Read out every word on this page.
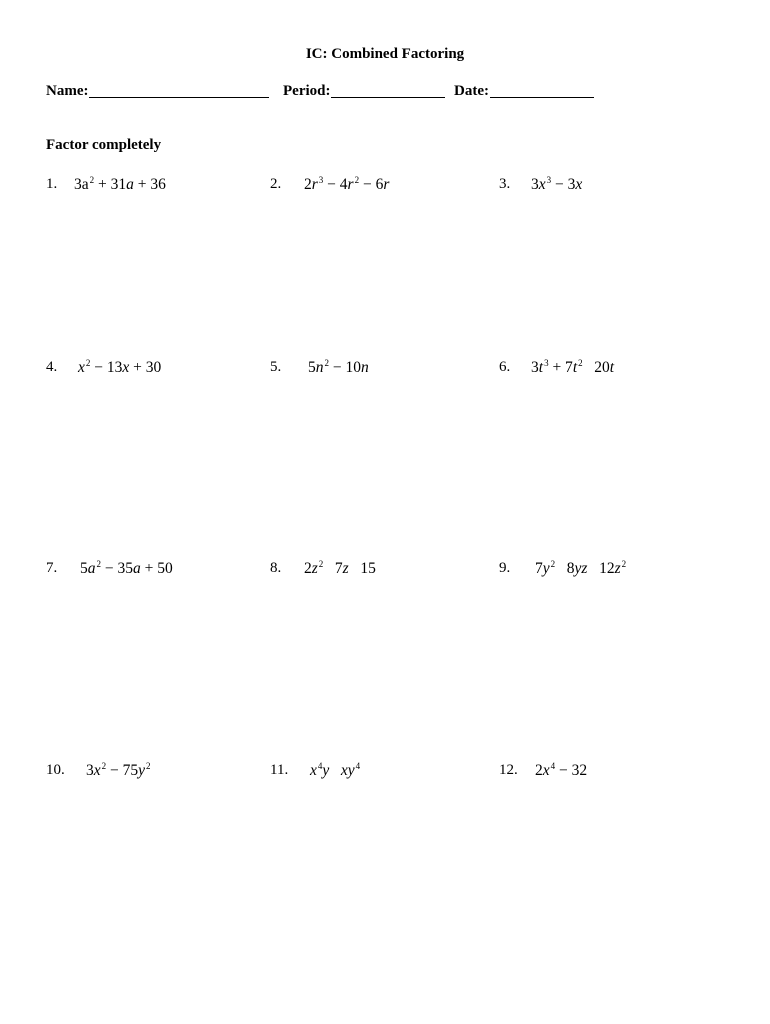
IC: Combined Factoring
Name:	Period:	Date:
Factor completely
1. $3a^2 + 31a + 36$	2. $2r^3 - 4r^2 - 6r$	3. $3x^3 - 3x$
4. $x^2 - 13x + 30$	5. $5n^2 - 10n$	6. $3t^3 + 7t^2$   20t
7. $5a^2 - 35a + 50$	8. $2z^2$   7z   15	9. $7y^2$   8yz   $12z^2$
10. $3x^2 - 75y^2$	11. $x^4y$ $xy^4$	12. $2x^4 - 32$
